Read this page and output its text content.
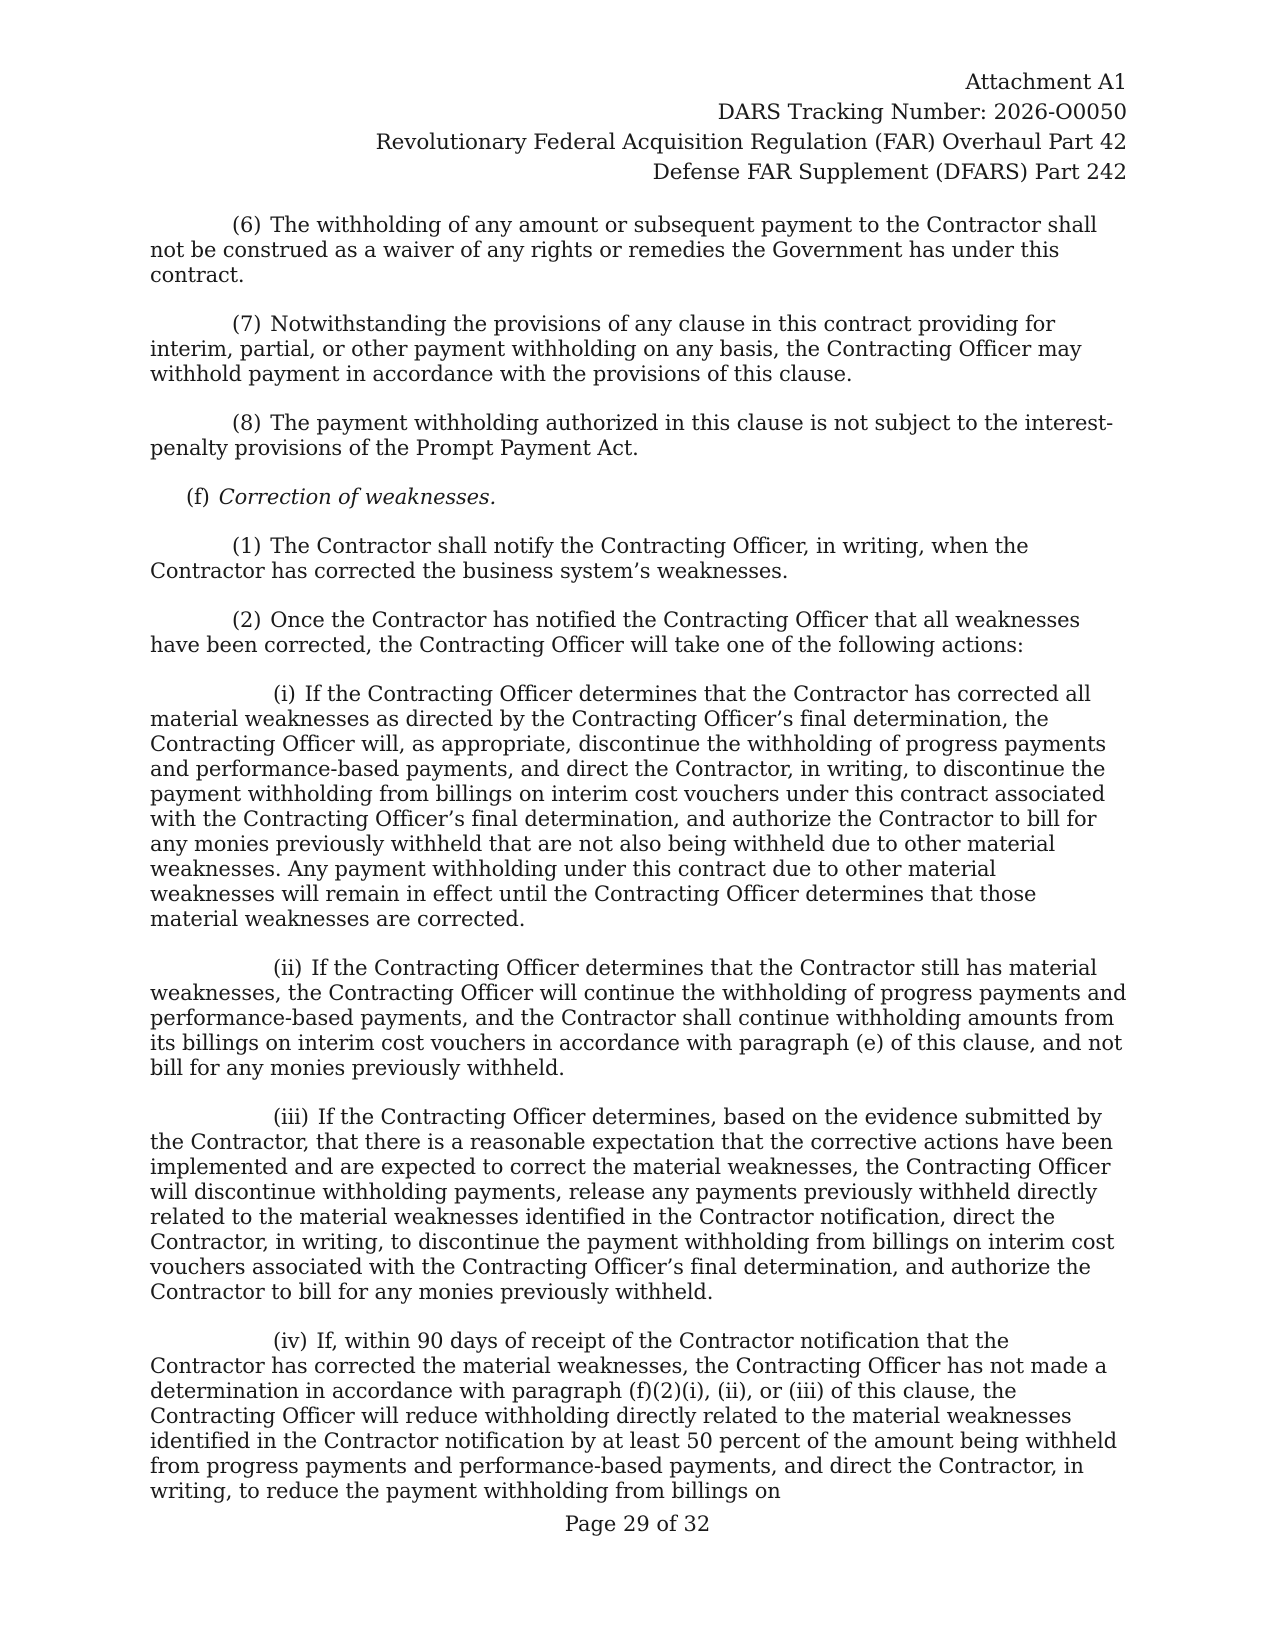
Attachment A1
DARS Tracking Number: 2026-O0050
Revolutionary Federal Acquisition Regulation (FAR) Overhaul Part 42
Defense FAR Supplement (DFARS) Part 242

(6) The withholding of any amount or subsequent payment to the Contractor shall not be construed as a waiver of any rights or remedies the Government has under this contract.

(7) Notwithstanding the provisions of any clause in this contract providing for interim, partial, or other payment withholding on any basis, the Contracting Officer may withhold payment in accordance with the provisions of this clause.

(8) The payment withholding authorized in this clause is not subject to the interest-penalty provisions of the Prompt Payment Act.

(f) Correction of weaknesses.

(1) The Contractor shall notify the Contracting Officer, in writing, when the Contractor has corrected the business system’s weaknesses.

(2) Once the Contractor has notified the Contracting Officer that all weaknesses have been corrected, the Contracting Officer will take one of the following actions:

(i) If the Contracting Officer determines that the Contractor has corrected all material weaknesses as directed by the Contracting Officer’s final determination, the Contracting Officer will, as appropriate, discontinue the withholding of progress payments and performance-based payments, and direct the Contractor, in writing, to discontinue the payment withholding from billings on interim cost vouchers under this contract associated with the Contracting Officer’s final determination, and authorize the Contractor to bill for any monies previously withheld that are not also being withheld due to other material weaknesses. Any payment withholding under this contract due to other material weaknesses will remain in effect until the Contracting Officer determines that those material weaknesses are corrected.

(ii) If the Contracting Officer determines that the Contractor still has material weaknesses, the Contracting Officer will continue the withholding of progress payments and performance-based payments, and the Contractor shall continue withholding amounts from its billings on interim cost vouchers in accordance with paragraph (e) of this clause, and not bill for any monies previously withheld.

(iii) If the Contracting Officer determines, based on the evidence submitted by the Contractor, that there is a reasonable expectation that the corrective actions have been implemented and are expected to correct the material weaknesses, the Contracting Officer will discontinue withholding payments, release any payments previously withheld directly related to the material weaknesses identified in the Contractor notification, direct the Contractor, in writing, to discontinue the payment withholding from billings on interim cost vouchers associated with the Contracting Officer’s final determination, and authorize the Contractor to bill for any monies previously withheld.

(iv) If, within 90 days of receipt of the Contractor notification that the Contractor has corrected the material weaknesses, the Contracting Officer has not made a determination in accordance with paragraph (f)(2)(i), (ii), or (iii) of this clause, the Contracting Officer will reduce withholding directly related to the material weaknesses identified in the Contractor notification by at least 50 percent of the amount being withheld from progress payments and performance-based payments, and direct the Contractor, in writing, to reduce the payment withholding from billings on

Page 29 of 32
